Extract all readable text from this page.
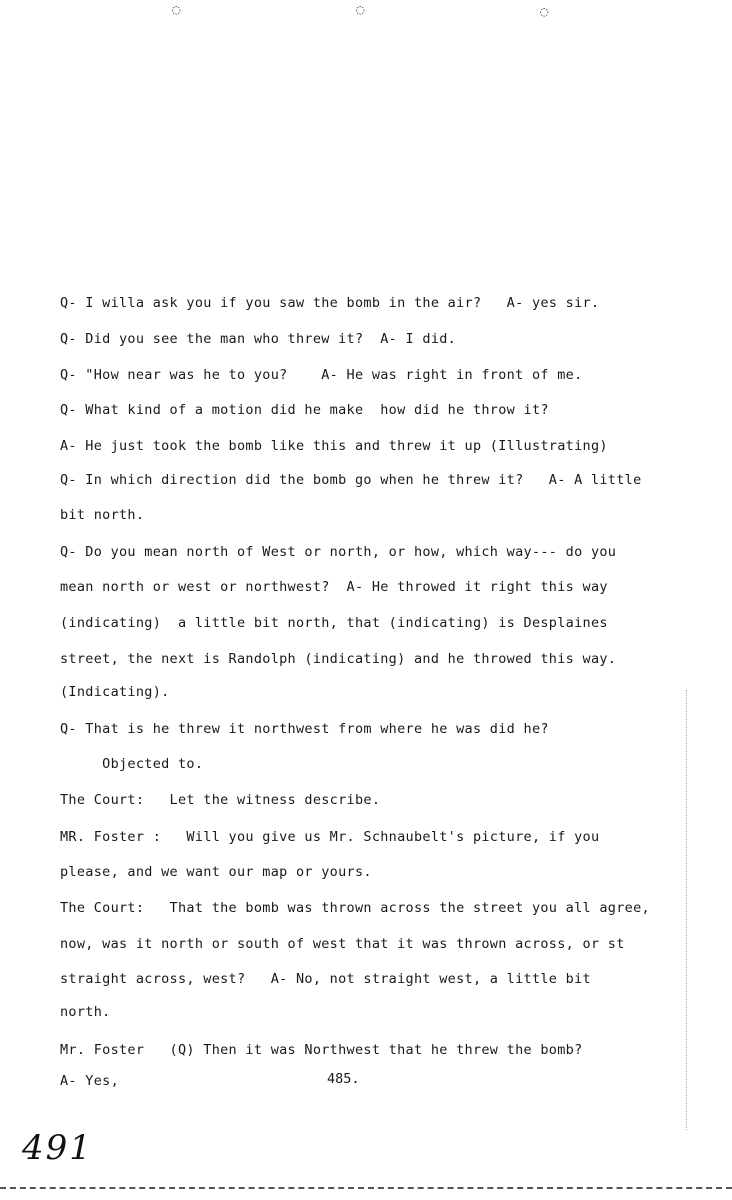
◌	◌	◌
Q- I willa ask you if you saw the bomb in the air?   A- yes sir.
Q- Did you see the man who threw it?  A- I did.
Q- "How near was he to you?    A- He was right in front of me.
Q- What kind of a motion did he make  how did he throw it?
A- He just took the bomb like this and threw it up (Illustrating)
Q- In which direction did the bomb go when he threw it?   A- A little
bit north.
Q- Do you mean north of West or north, or how, which way--- do you
mean north or west or northwest?  A- He throwed it right this way
(indicating)  a little bit north, that (indicating) is Desplaines
street, the next is Randolph (indicating) and he throwed this way.
(Indicating).
Q- That is he threw it northwest from where he was did he?
Objected to.
The Court:   Let the witness describe.
MR. Foster :   Will you give us Mr. Schnaubelt's picture, if you
please, and we want our map or yours.
The Court:   That the bomb was thrown across the street you all agree,
now, was it north or south of west that it was thrown across, or st
straight across, west?   A- No, not straight west, a little bit
north.
Mr. Foster   (Q) Then it was Northwest that he threw the bomb?
A- Yes,	485.
491
